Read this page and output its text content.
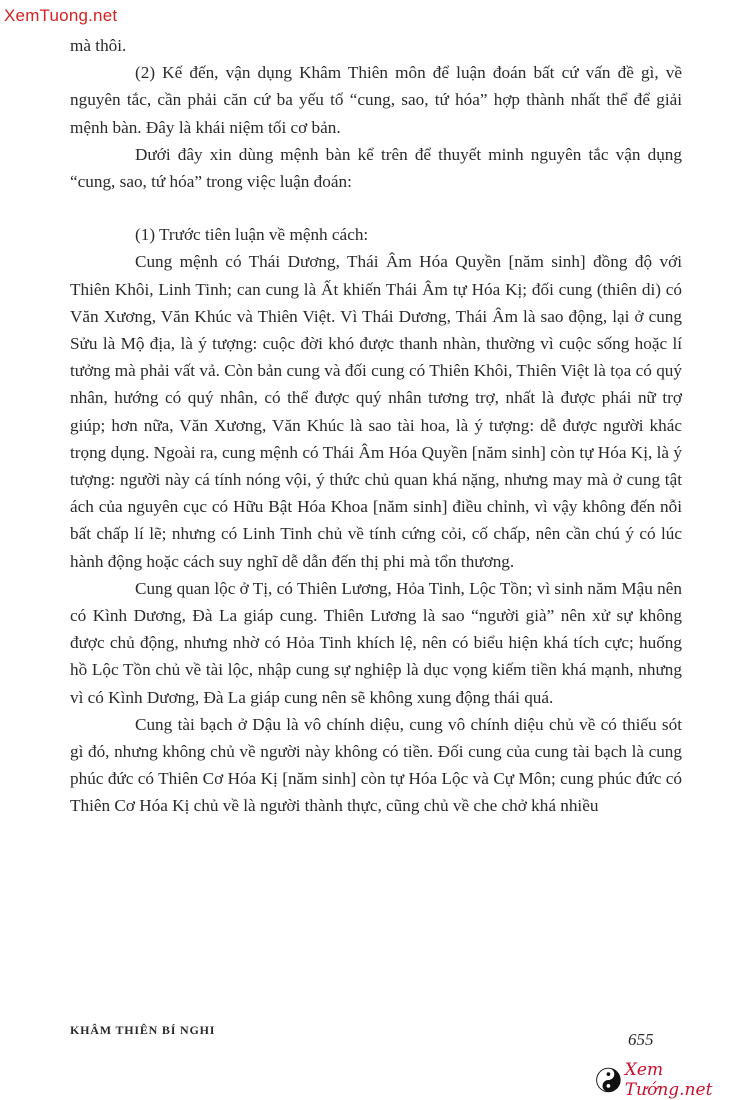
XemTuong.net

mà thôi.

(2) Kế đến, vận dụng Khâm Thiên môn để luận đoán bất cứ vấn đề gì, về nguyên tắc, cần phải căn cứ ba yếu tố “cung, sao, tứ hóa” hợp thành nhất thể để giải mệnh bàn. Đây là khái niệm tối cơ bản.

Dưới đây xin dùng mệnh bàn kể trên để thuyết minh nguyên tắc vận dụng “cung, sao, tứ hóa” trong việc luận đoán:

(1) Trước tiên luận về mệnh cách:

Cung mệnh có Thái Dương, Thái Âm Hóa Quyền [năm sinh] đồng độ với Thiên Khôi, Linh Tinh; can cung là Ất khiến Thái Âm tự Hóa Kị; đối cung (thiên di) có Văn Xương, Văn Khúc và Thiên Việt. Vì Thái Dương, Thái Âm là sao động, lại ở cung Sửu là Mộ địa, là ý tượng: cuộc đời khó được thanh nhàn, thường vì cuộc sống hoặc lí tưởng mà phải vất vả. Còn bản cung và đối cung có Thiên Khôi, Thiên Việt là tọa có quý nhân, hướng có quý nhân, có thể được quý nhân tương trợ, nhất là được phái nữ trợ giúp; hơn nữa, Văn Xương, Văn Khúc là sao tài hoa, là ý tượng: dễ được người khác trọng dụng. Ngoài ra, cung mệnh có Thái Âm Hóa Quyền [năm sinh] còn tự Hóa Kị, là ý tượng: người này cá tính nóng vội, ý thức chủ quan khá nặng, nhưng may mà ở cung tật ách của nguyên cục có Hữu Bật Hóa Khoa [năm sinh] điều chỉnh, vì vậy không đến nỗi bất chấp lí lẽ; nhưng có Linh Tinh chủ về tính cứng cỏi, cố chấp, nên cần chú ý có lúc hành động hoặc cách suy nghĩ dễ dẫn đến thị phi mà tổn thương.

Cung quan lộc ở Tị, có Thiên Lương, Hỏa Tinh, Lộc Tồn; vì sinh năm Mậu nên có Kình Dương, Đà La giáp cung. Thiên Lương là sao “người già” nên xử sự không được chủ động, nhưng nhờ có Hỏa Tinh khích lệ, nên có biểu hiện khá tích cực; huống hồ Lộc Tồn chủ về tài lộc, nhập cung sự nghiệp là dục vọng kiếm tiền khá mạnh, nhưng vì có Kình Dương, Đà La giáp cung nên sẽ không xung động thái quá.

Cung tài bạch ở Dậu là vô chính diệu, cung vô chính diệu chủ về có thiếu sót gì đó, nhưng không chủ về người này không có tiền. Đối cung của cung tài bạch là cung phúc đức có Thiên Cơ Hóa Kị [năm sinh] còn tự Hóa Lộc và Cự Môn; cung phúc đức có Thiên Cơ Hóa Kị chủ về là người thành thực, cũng chủ về che chở khá nhiều

KHÂM THIÊN BÍ NGHI	655
Xem Tướng.net
